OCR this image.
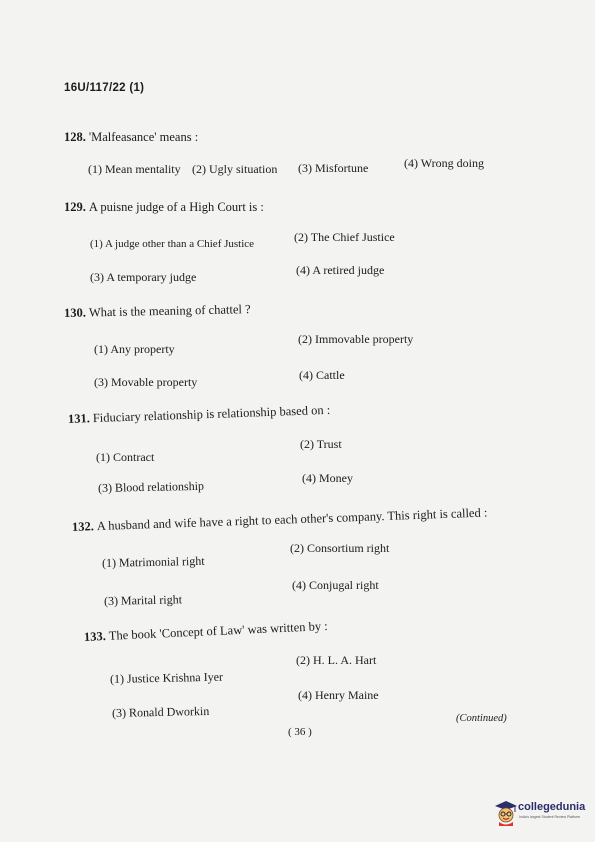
16U/117/22 (1)
128. 'Malfeasance' means :
(1) Mean mentality (2) Ugly situation (3) Misfortune	(4) Wrong doing
129. A puisne judge of a High Court is :
(1) A judge other than a Chief Justice	(2) The Chief Justice
(3) A temporary judge	(4) A retired judge
130. What is the meaning of chattel ?
(1) Any property
(2) Immovable property
(3) Movable property	(4) Cattle
131. Fiduciary relationship is relationship based on :
(1) Contract
(2) Trust
(3) Blood relationship
(4) Money
132. A husband and wife have a right to each other's company. This right is called :
(1) Matrimonial right
(2) Consortium right
(3) Marital right
(4) Conjugal right
133. The book 'Concept of Law' was written by :
(1) Justice Krishna Iyer
(2) H. L. A. Hart
(3) Ronald Dworkin
(4) Henry Maine
(Continued)
( 36 )
collegedunia
India's largest Student Review Platform
